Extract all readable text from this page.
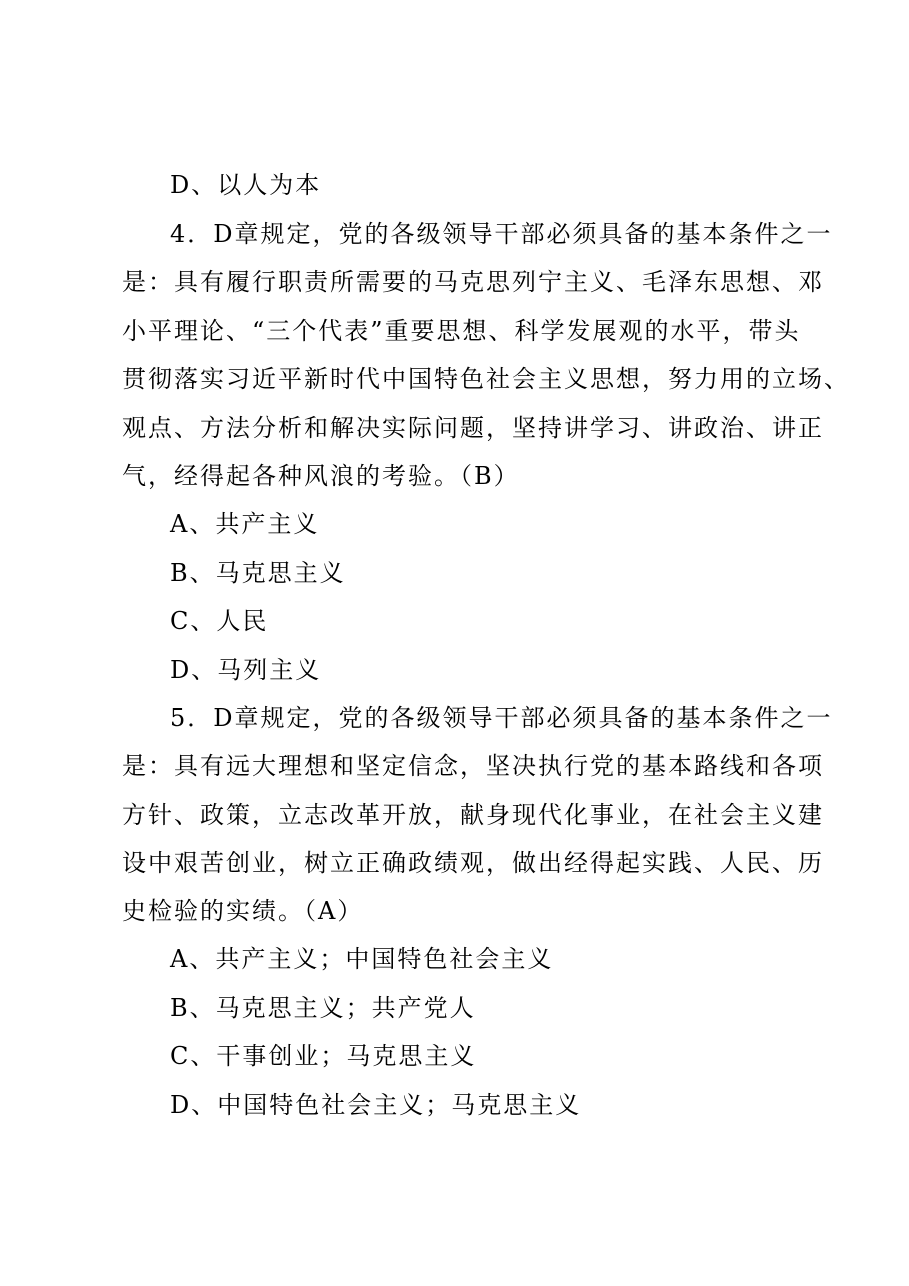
D、以人为本
4．D章规定，党的各级领导干部必须具备的基本条件之一
是：具有履行职责所需要的马克思列宁主义、毛泽东思想、邓
小平理论、“三个代表”重要思想、科学发展观的水平，带头
贯彻落实习近平新时代中国特色社会主义思想，努力用的立场、
观点、方法分析和解决实际问题，坚持讲学习、讲政治、讲正
气，经得起各种风浪的考验。（B）
A、共产主义
B、马克思主义
C、人民
D、马列主义
5．D章规定，党的各级领导干部必须具备的基本条件之一
是：具有远大理想和坚定信念，坚决执行党的基本路线和各项
方针、政策，立志改革开放，献身现代化事业，在社会主义建
设中艰苦创业，树立正确政绩观，做出经得起实践、人民、历
史检验的实绩。（A）
A、共产主义；中国特色社会主义
B、马克思主义；共产党人
C、干事创业；马克思主义
D、中国特色社会主义；马克思主义
